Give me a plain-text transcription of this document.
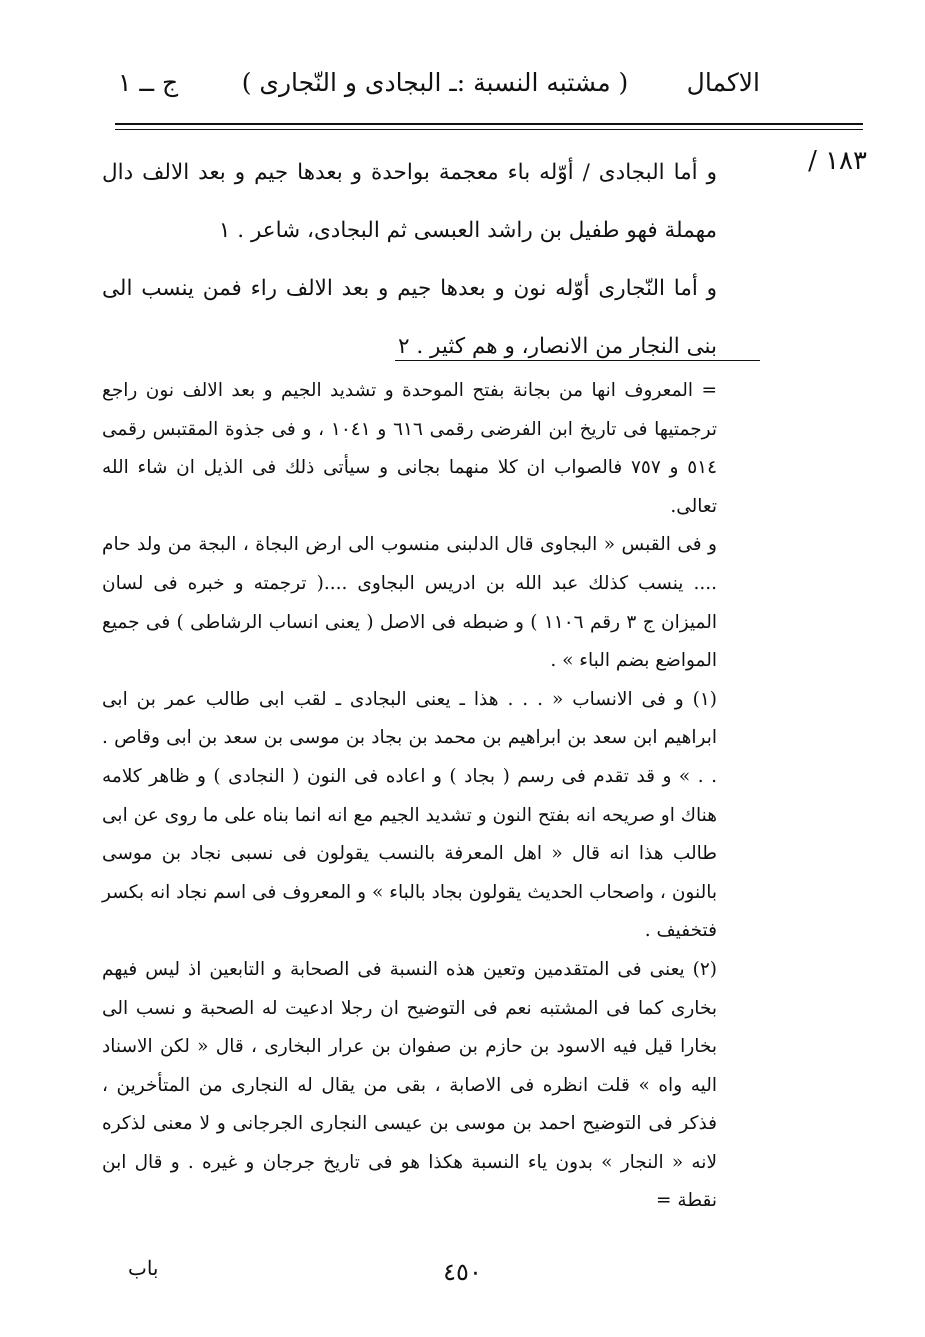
الاكمال
( مشتبه النسبة :ـ البجادى و النّجارى )
ج ــ ١
١٨٣ /

و أما البجادى / أوّله باء معجمة بواحدة و بعدها جيم و بعد الالف دال مهملة فهو طفيل بن راشد العبسى ثم البجادى، شاعر . ١

و أما النّجارى أوّله نون و بعدها جيم و بعد الالف راء فمن ينسب الى بنى النجار من الانصار، و هم كثير . ٢

= المعروف انها من بجانة بفتح الموحدة و تشديد الجيم و بعد الالف نون راجع ترجمتيها فى تاريخ ابن الفرضى رقمى ٦١٦ و ١٠٤١ ، و فى جذوة المقتبس رقمى ٥١٤ و ٧٥٧ فالصواب ان كلا منهما بجانى و سيأتى ذلك فى الذيل ان شاء الله تعالى.

و فى القبس « البجاوى قال الدلبنى منسوب الى ارض البجاة ، البجة من ولد حام .... ينسب كذلك عبد الله بن ادريس البجاوى ....( ترجمته و خبره فى لسان الميزان ج ٣ رقم ١١٠٦ ) و ضبطه فى الاصل ( يعنى انساب الرشاطى ) فى جميع المواضع بضم الباء » .

(١) و فى الانساب « . . . هذا ـ يعنى البجادى ـ لقب ابى طالب عمر بن ابى ابراهيم ابن سعد بن ابراهيم بن محمد بن بجاد بن موسى بن سعد بن ابى وقاص . . . » و قد تقدم فى رسم ( بجاد ) و اعاده فى النون ( النجادى ) و ظاهر كلامه هناك او صريحه انه بفتح النون و تشديد الجيم مع انه انما بناه على ما روى عن ابى طالب هذا انه قال « اهل المعرفة بالنسب يقولون فى نسبى نجاد بن موسى بالنون ، واصحاب الحديث يقولون بجاد بالباء » و المعروف فى اسم نجاد انه بكسر فتخفيف .

(٢) يعنى فى المتقدمين وتعين هذه النسبة فى الصحابة و التابعين اذ ليس فيهم بخارى كما فى المشتبه نعم فى التوضيح ان رجلا ادعيت له الصحبة و نسب الى بخارا قيل فيه الاسود بن حازم بن صفوان بن عرار البخارى ، قال « لكن الاسناد اليه واه » قلت انظره فى الاصابة ، بقى من يقال له النجارى من المتأخرين ، فذكر فى التوضيح احمد بن موسى بن عيسى النجارى الجرجانى و لا معنى لذكره لانه « النجار » بدون ياء النسبة هكذا هو فى تاريخ جرجان و غيره . و قال ابن نقطة =

٤٥٠
باب
